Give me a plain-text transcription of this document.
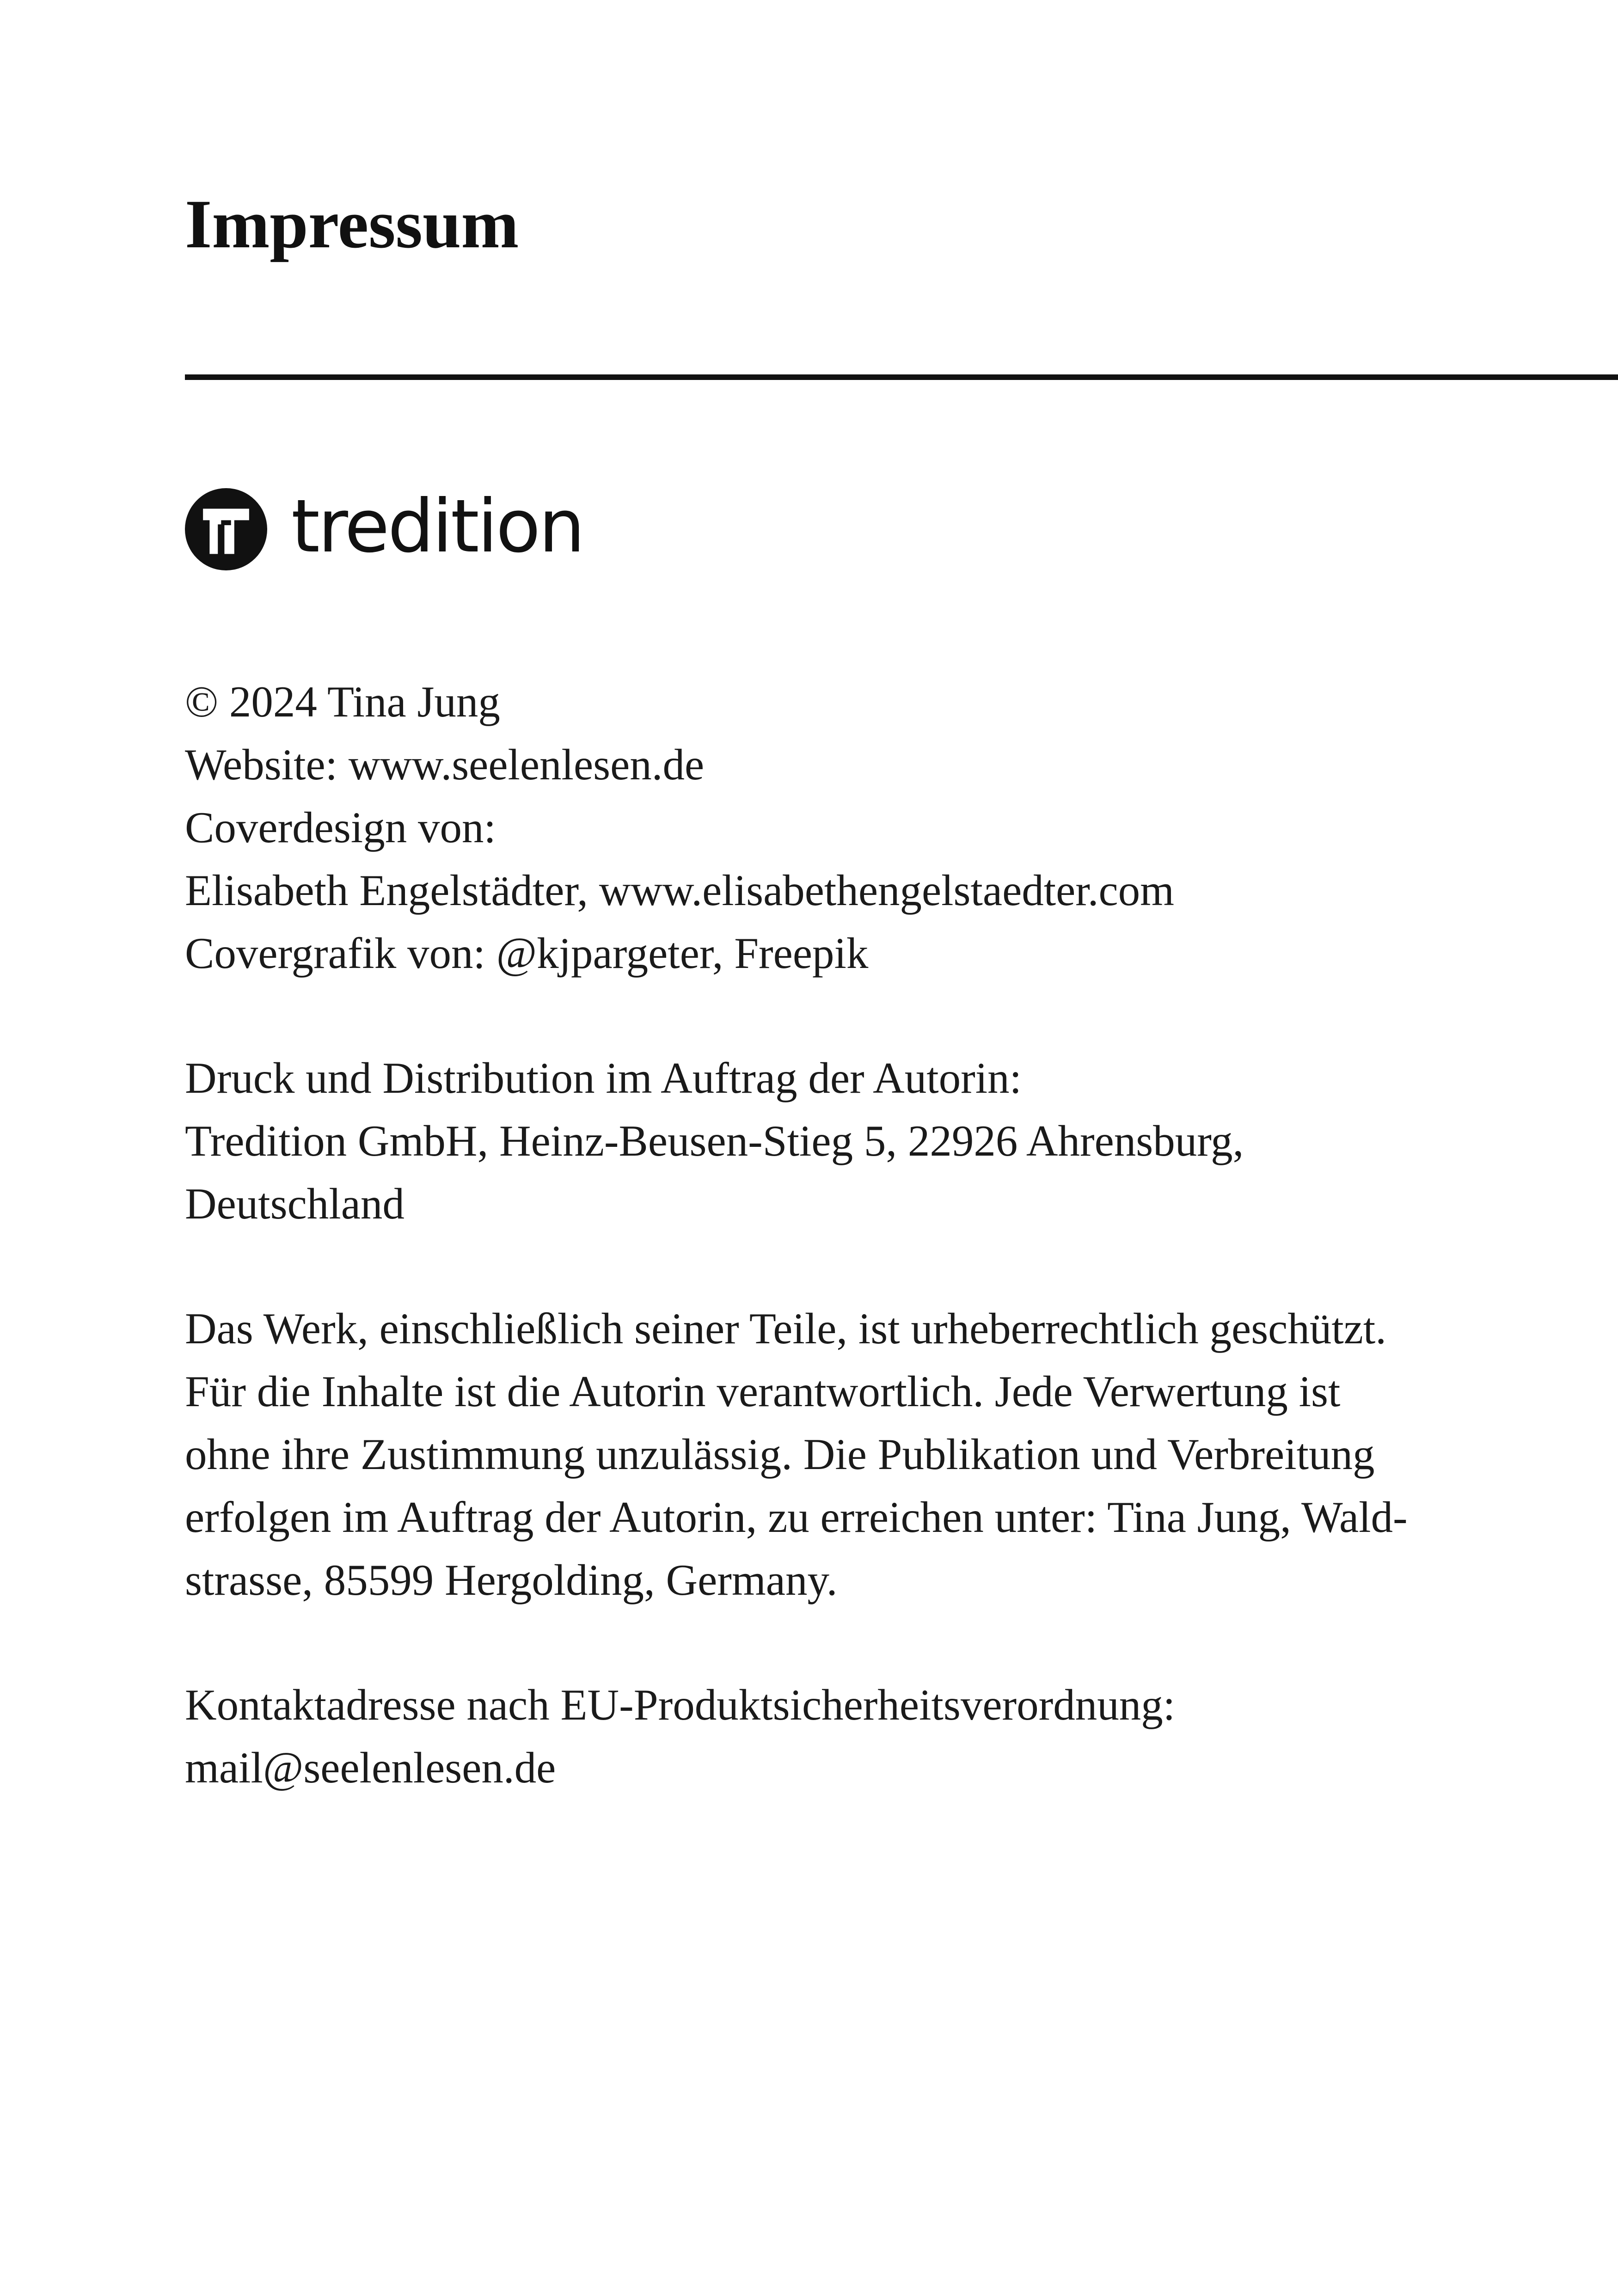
Impressum
tredition
© 2024 Tina Jung
Website: www.seelenlesen.de
Coverdesign von:
Elisabeth Engelstädter, www.elisabethengelstaedter.com
Covergrafik von: @kjpargeter, Freepik
Druck und Distribution im Auftrag der Autorin:
Tredition GmbH, Heinz-Beusen-Stieg 5, 22926 Ahrensburg,
Deutschland
Das Werk, einschließlich seiner Teile, ist urheberrechtlich geschützt.
Für die Inhalte ist die Autorin verantwortlich. Jede Verwertung ist
ohne ihre Zustimmung unzulässig. Die Publikation und Verbreitung
erfolgen im Auftrag der Autorin, zu erreichen unter: Tina Jung, Wald-
strasse, 85599 Hergolding, Germany.
Kontaktadresse nach EU-Produktsicherheitsverordnung:
mail@seelenlesen.de
